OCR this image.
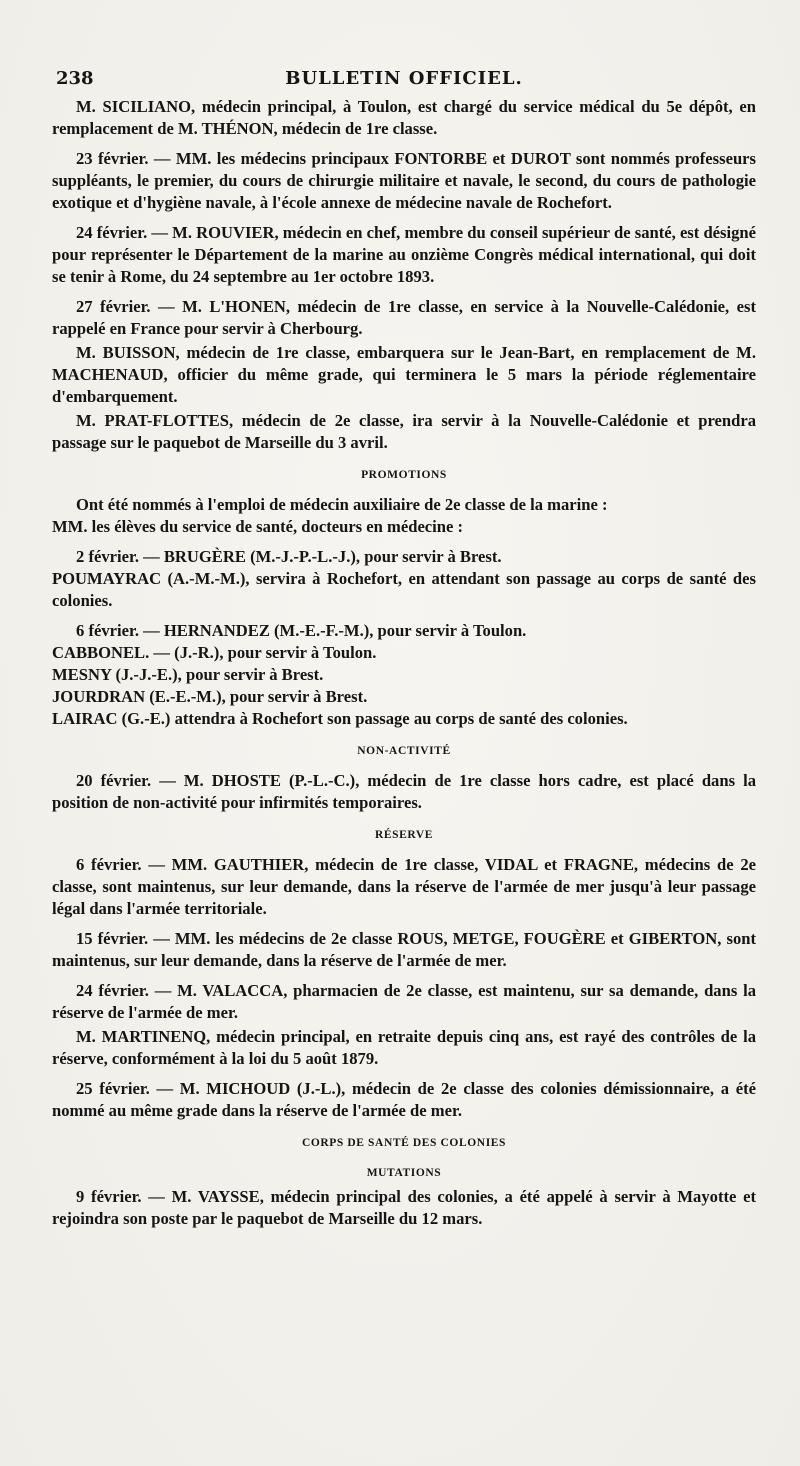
238	BULLETIN OFFICIEL.

M. SICILIANO, médecin principal, à Toulon, est chargé du service médical du 5e dépôt, en remplacement de M. THÉNON, médecin de 1re classe.

23 février. — MM. les médecins principaux FONTORBE et DUROT sont nommés professeurs suppléants, le premier, du cours de chirurgie militaire et navale, le second, du cours de pathologie exotique et d'hygiène navale, à l'école annexe de médecine navale de Rochefort.

24 février. — M. ROUVIER, médecin en chef, membre du conseil supérieur de santé, est désigné pour représenter le Département de la marine au onzième Congrès médical international, qui doit se tenir à Rome, du 24 septembre au 1er octobre 1893.

27 février. — M. L'HONEN, médecin de 1re classe, en service à la Nouvelle-Calédonie, est rappelé en France pour servir à Cherbourg.

M. BUISSON, médecin de 1re classe, embarquera sur le Jean-Bart, en remplacement de M. MACHENAUD, officier du même grade, qui terminera le 5 mars la période réglementaire d'embarquement.

M. PRAT-FLOTTES, médecin de 2e classe, ira servir à la Nouvelle-Calédonie et prendra passage sur le paquebot de Marseille du 3 avril.

PROMOTIONS

Ont été nommés à l'emploi de médecin auxiliaire de 2e classe de la marine :

MM. les élèves du service de santé, docteurs en médecine :

2 février. — BRUGÈRE (M.-J.-P.-L.-J.), pour servir à Brest.

POUMAYRAC (A.-M.-M.), servira à Rochefort, en attendant son passage au corps de santé des colonies.

6 février. — HERNANDEZ (M.-E.-F.-M.), pour servir à Toulon.

CABBONEL. — (J.-R.), pour servir à Toulon.

MESNY (J.-J.-E.), pour servir à Brest.

JOURDRAN (E.-E.-M.), pour servir à Brest.

LAIRAC (G.-E.) attendra à Rochefort son passage au corps de santé des colonies.

NON-ACTIVITÉ

20 février. — M. DHOSTE (P.-L.-C.), médecin de 1re classe hors cadre, est placé dans la position de non-activité pour infirmités temporaires.

RÉSERVE

6 février. — MM. GAUTHIER, médecin de 1re classe, VIDAL et FRAGNE, médecins de 2e classe, sont maintenus, sur leur demande, dans la réserve de l'armée de mer jusqu'à leur passage légal dans l'armée territoriale.

15 février. — MM. les médecins de 2e classe ROUS, METGE, FOUGÈRE et GIBERTON, sont maintenus, sur leur demande, dans la réserve de l'armée de mer.

24 février. — M. VALACCA, pharmacien de 2e classe, est maintenu, sur sa demande, dans la réserve de l'armée de mer.

M. MARTINENQ, médecin principal, en retraite depuis cinq ans, est rayé des contrôles de la réserve, conformément à la loi du 5 août 1879.

25 février. — M. MICHOUD (J.-L.), médecin de 2e classe des colonies démissionnaire, a été nommé au même grade dans la réserve de l'armée de mer.

CORPS DE SANTÉ DES COLONIES
MUTATIONS

9 février. — M. VAYSSE, médecin principal des colonies, a été appelé à servir à Mayotte et rejoindra son poste par le paquebot de Marseille du 12 mars.
